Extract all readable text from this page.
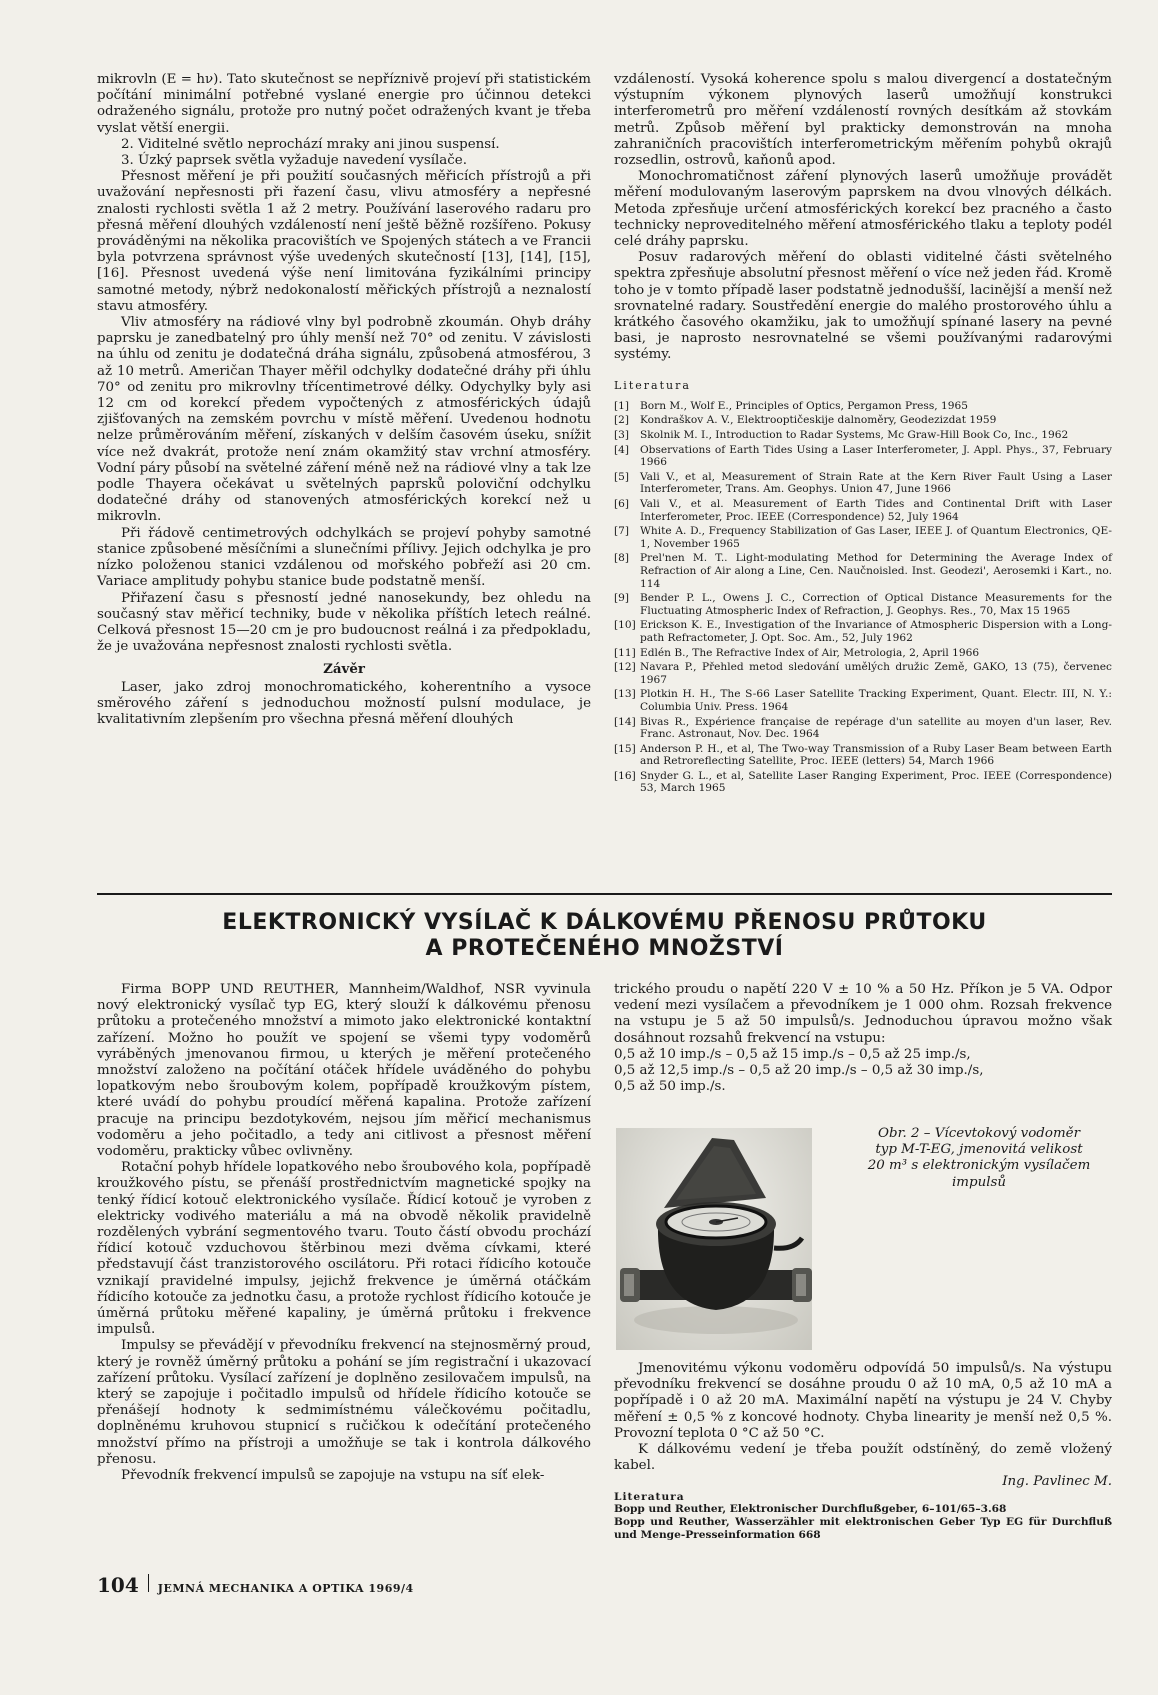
mikrovln (E = hν). Tato skutečnost se nepříznivě projeví při statistickém počítání minimální potřebné vyslané energie pro účinnou detekci odraženého signálu, protože pro nutný počet odražených kvant je třeba vyslat větší energii.

2. Viditelné světlo neprochází mraky ani jinou suspensí.

3. Úzký paprsek světla vyžaduje navedení vysílače.

Přesnost měření je při použití současných měřicích přístrojů a při uvažování nepřesnosti při řazení času, vlivu atmosféry a nepřesné znalosti rychlosti světla 1 až 2 metry. Používání laserového radaru pro přesná měření dlouhých vzdáleností není ještě běžně rozšířeno. Pokusy prováděnými na několika pracovištích ve Spojených státech a ve Francii byla potvrzena správnost výše uvedených skutečností [13], [14], [15], [16]. Přesnost uvedená výše není limitována fyzikálními principy samotné metody, nýbrž nedokonalostí měřických přístrojů a neznalostí stavu atmosféry.

Vliv atmosféry na rádiové vlny byl podrobně zkoumán. Ohyb dráhy paprsku je zanedbatelný pro úhly menší než 70° od zenitu. V závislosti na úhlu od zenitu je dodatečná dráha signálu, způsobená atmosférou, 3 až 10 metrů. Američan Thayer měřil odchylky dodatečné dráhy při úhlu 70° od zenitu pro mikrovlny třícentimetrové délky. Odychylky byly asi 12 cm od korekcí předem vypočtených z atmosférických údajů zjišťovaných na zemském povrchu v místě měření. Uvedenou hodnotu nelze průměrováním měření, získaných v delším časovém úseku, snížit více než dvakrát, protože není znám okamžitý stav vrchní atmosféry. Vodní páry působí na světelné záření méně než na rádiové vlny a tak lze podle Thayera očekávat u světelných paprsků poloviční odchylku dodatečné dráhy od stanovených atmosférických korekcí než u mikrovln.

Při řádově centimetrových odchylkách se projeví pohyby samotné stanice způsobené měsíčními a slunečními přílivy. Jejich odchylka je pro nízko položenou stanici vzdálenou od mořského pobřeží asi 20 cm. Variace amplitudy pohybu stanice bude podstatně menší.

Přiřazení času s přesností jedné nanosekundy, bez ohledu na současný stav měřicí techniky, bude v několika příštích letech reálné. Celková přesnost 15—20 cm je pro budoucnost reálná i za předpokladu, že je uvažována nepřesnost znalosti rychlosti světla.

Závěr

Laser, jako zdroj monochromatického, koherentního a vysoce směrového záření s jednoduchou možností pulsní modulace, je kvalitativním zlepšením pro všechna přesná měření dlouhých

vzdáleností. Vysoká koherence spolu s malou divergencí a dostatečným výstupním výkonem plynových laserů umožňují konstrukci interferometrů pro měření vzdáleností rovných desítkám až stovkám metrů. Způsob měření byl prakticky demonstrován na mnoha zahraničních pracovištích interferometrickým měřením pohybů okrajů rozsedlin, ostrovů, kaňonů apod.

Monochromatičnost záření plynových laserů umožňuje provádět měření modulovaným laserovým paprskem na dvou vlnových délkách. Metoda zpřesňuje určení atmosférických korekcí bez pracného a často technicky neproveditelného měření atmosférického tlaku a teploty podél celé dráhy paprsku.

Posuv radarových měření do oblasti viditelné části světelného spektra zpřesňuje absolutní přesnost měření o více než jeden řád. Kromě toho je v tomto případě laser podstatně jednodušší, lacinější a menší než srovnatelné radary. Soustředění energie do malého prostorového úhlu a krátkého časového okamžiku, jak to umožňují spínané lasery na pevné basi, je naprosto nesrovnatelné se všemi používanými radarovými systémy.

Literatura
[1]	Born M., Wolf E., Principles of Optics, Pergamon Press, 1965
[2]	Kondraškov A. V., Elektrooptičeskije dalnoměry, Geodezizdat 1959
[3]	Skolnik M. I., Introduction to Radar Systems, Mc Graw-Hill Book Co, Inc., 1962
[4]	Observations of Earth Tides Using a Laser Interferometer, J. Appl. Phys., 37, February 1966
[5]	Vali V., et al, Measurement of Strain Rate at the Kern River Fault Using a Laser Interferometer, Trans. Am. Geophys. Union 47, June 1966
[6]	Vali V., et al. Measurement of Earth Tides and Continental Drift with Laser Interferometer, Proc. IEEE (Correspondence) 52, July 1964
[7]	White A. D., Frequency Stabilization of Gas Laser, IEEE J. of Quantum Electronics, QE-1, November 1965
[8]	Prel'nen M. T.. Light-modulating Method for Determining the Average Index of Refraction of Air along a Line, Cen. Naučnoisled. Inst. Geodezi', Aerosemki i Kart., no. 114
[9]	Bender P. L., Owens J. C., Correction of Optical Distance Measurements for the Fluctuating Atmospheric Index of Refraction, J. Geophys. Res., 70, Max 15 1965
[10] Erickson K. E., Investigation of the Invariance of Atmospheric Dispersion with a Long-path Refractometer, J. Opt. Soc. Am., 52, July 1962
[11] Edlén B., The Refractive Index of Air, Metrologia, 2, April 1966
[12] Navara P., Přehled metod sledování umělých družic Země, GAKO, 13 (75), červenec 1967
[13] Plotkin H. H., The S-66 Laser Satellite Tracking Experiment, Quant. Electr. III, N. Y.: Columbia Univ. Press. 1964
[14] Bivas R., Expérience française de repérage d'un satellite au moyen d'un laser, Rev. Franc. Astronaut, Nov. Dec. 1964
[15] Anderson P. H., et al, The Two-way Transmission of a Ruby Laser Beam between Earth and Retroreflecting Satellite, Proc. IEEE (letters) 54, March 1966
[16] Snyder G. L., et al, Satellite Laser Ranging Experiment, Proc. IEEE (Correspondence) 53, March 1965
ELEKTRONICKÝ VYSÍLAČ K DÁLKOVÉMU PŘENOSU PRŮTOKU
A PROTEČENÉHO MNOŽSTVÍ

Firma BOPP UND REUTHER, Mannheim/Waldhof, NSR vyvinula nový elektronický vysílač typ EG, který slouží k dálkovému přenosu průtoku a protečeného množství a mimoto jako elektronické kontaktní zařízení. Možno ho použít ve spojení se všemi typy vodoměrů vyráběných jmenovanou firmou, u kterých je měření protečeného množství založeno na počítání otáček hřídele uváděného do pohybu lopatkovým nebo šroubovým kolem, popřípadě kroužkovým pístem, které uvádí do pohybu proudící měřená kapalina. Protože zařízení pracuje na principu bezdotykovém, nejsou jím měřicí mechanismus vodoměru a jeho počitadlo, a tedy ani citlivost a přesnost měření vodoměru, prakticky vůbec ovlivněny.

Rotační pohyb hřídele lopatkového nebo šroubového kola, popřípadě kroužkového pístu, se přenáší prostřednictvím magnetické spojky na tenký řídicí kotouč elektronického vysílače. Řídicí kotouč je vyroben z elektricky vodivého materiálu a má na obvodě několik pravidelně rozdělených vybrání segmentového tvaru. Touto částí obvodu prochází řídicí kotouč vzduchovou štěrbinou mezi dvěma cívkami, které představují část tranzistorového oscilátoru. Při rotaci řídicího kotouče vznikají pravidelné impulsy, jejichž frekvence je úměrná otáčkám řídicího kotouče za jednotku času, a protože rychlost řídicího kotouče je úměrná průtoku měřené kapaliny, je úměrná průtoku i frekvence impulsů.

Impulsy se převádějí v převodníku frekvencí na stejnosměrný proud, který je rovněž úměrný průtoku a pohání se jím registrační i ukazovací zařízení průtoku. Vysílací zařízení je doplněno zesilovačem impulsů, na který se zapojuje i počitadlo impulsů od hřídele řídicího kotouče se přenášejí hodnoty k sedmimístnému válečkovému počitadlu, doplněnému kruhovou stupnicí s ručičkou k odečítání protečeného množství přímo na přístroji a umožňuje se tak i kontrola dálkového přenosu.

Převodník frekvencí impulsů se zapojuje na vstupu na síť elek-

trického proudu o napětí 220 V ± 10 % a 50 Hz. Příkon je 5 VA. Odpor vedení mezi vysílačem a převodníkem je 1 000 ohm. Rozsah frekvence na vstupu je 5 až 50 impulsů/s. Jednoduchou úpravou možno však dosáhnout rozsahů frekvencí na vstupu:

0,5 až 10 imp./s – 0,5 až 15 imp./s – 0,5 až 25 imp./s,

0,5 až 12,5 imp./s – 0,5 až 20 imp./s – 0,5 až 30 imp./s,

0,5 až 50 imp./s.

Obr. 2 – Vícevtokový vodoměr
typ M-T-EG, jmenovitá velikost
20 m³ s elektronickým vysílačem
impulsů

Jmenovitému výkonu vodoměru odpovídá 50 impulsů/s. Na výstupu převodníku frekvencí se dosáhne proudu 0 až 10 mA, 0,5 až 10 mA a popřípadě i 0 až 20 mA. Maximální napětí na výstupu je 24 V. Chyby měření ± 0,5 % z koncové hodnoty. Chyba linearity je menší než 0,5 %. Provozní teplota 0 °C až 50 °C.

K dálkovému vedení je třeba použít odstíněný, do země vložený kabel.

Ing. Pavlinec M.
Literatura
Bopp und Reuther, Elektronischer Durchflußgeber, 6–101/65–3.68
Bopp und Reuther, Wasserzähler mit elektronischen Geber Typ EG für Durchfluß und Menge-Presseinformation 668
104 JEMNÁ MECHANIKA A OPTIKA 1969/4
